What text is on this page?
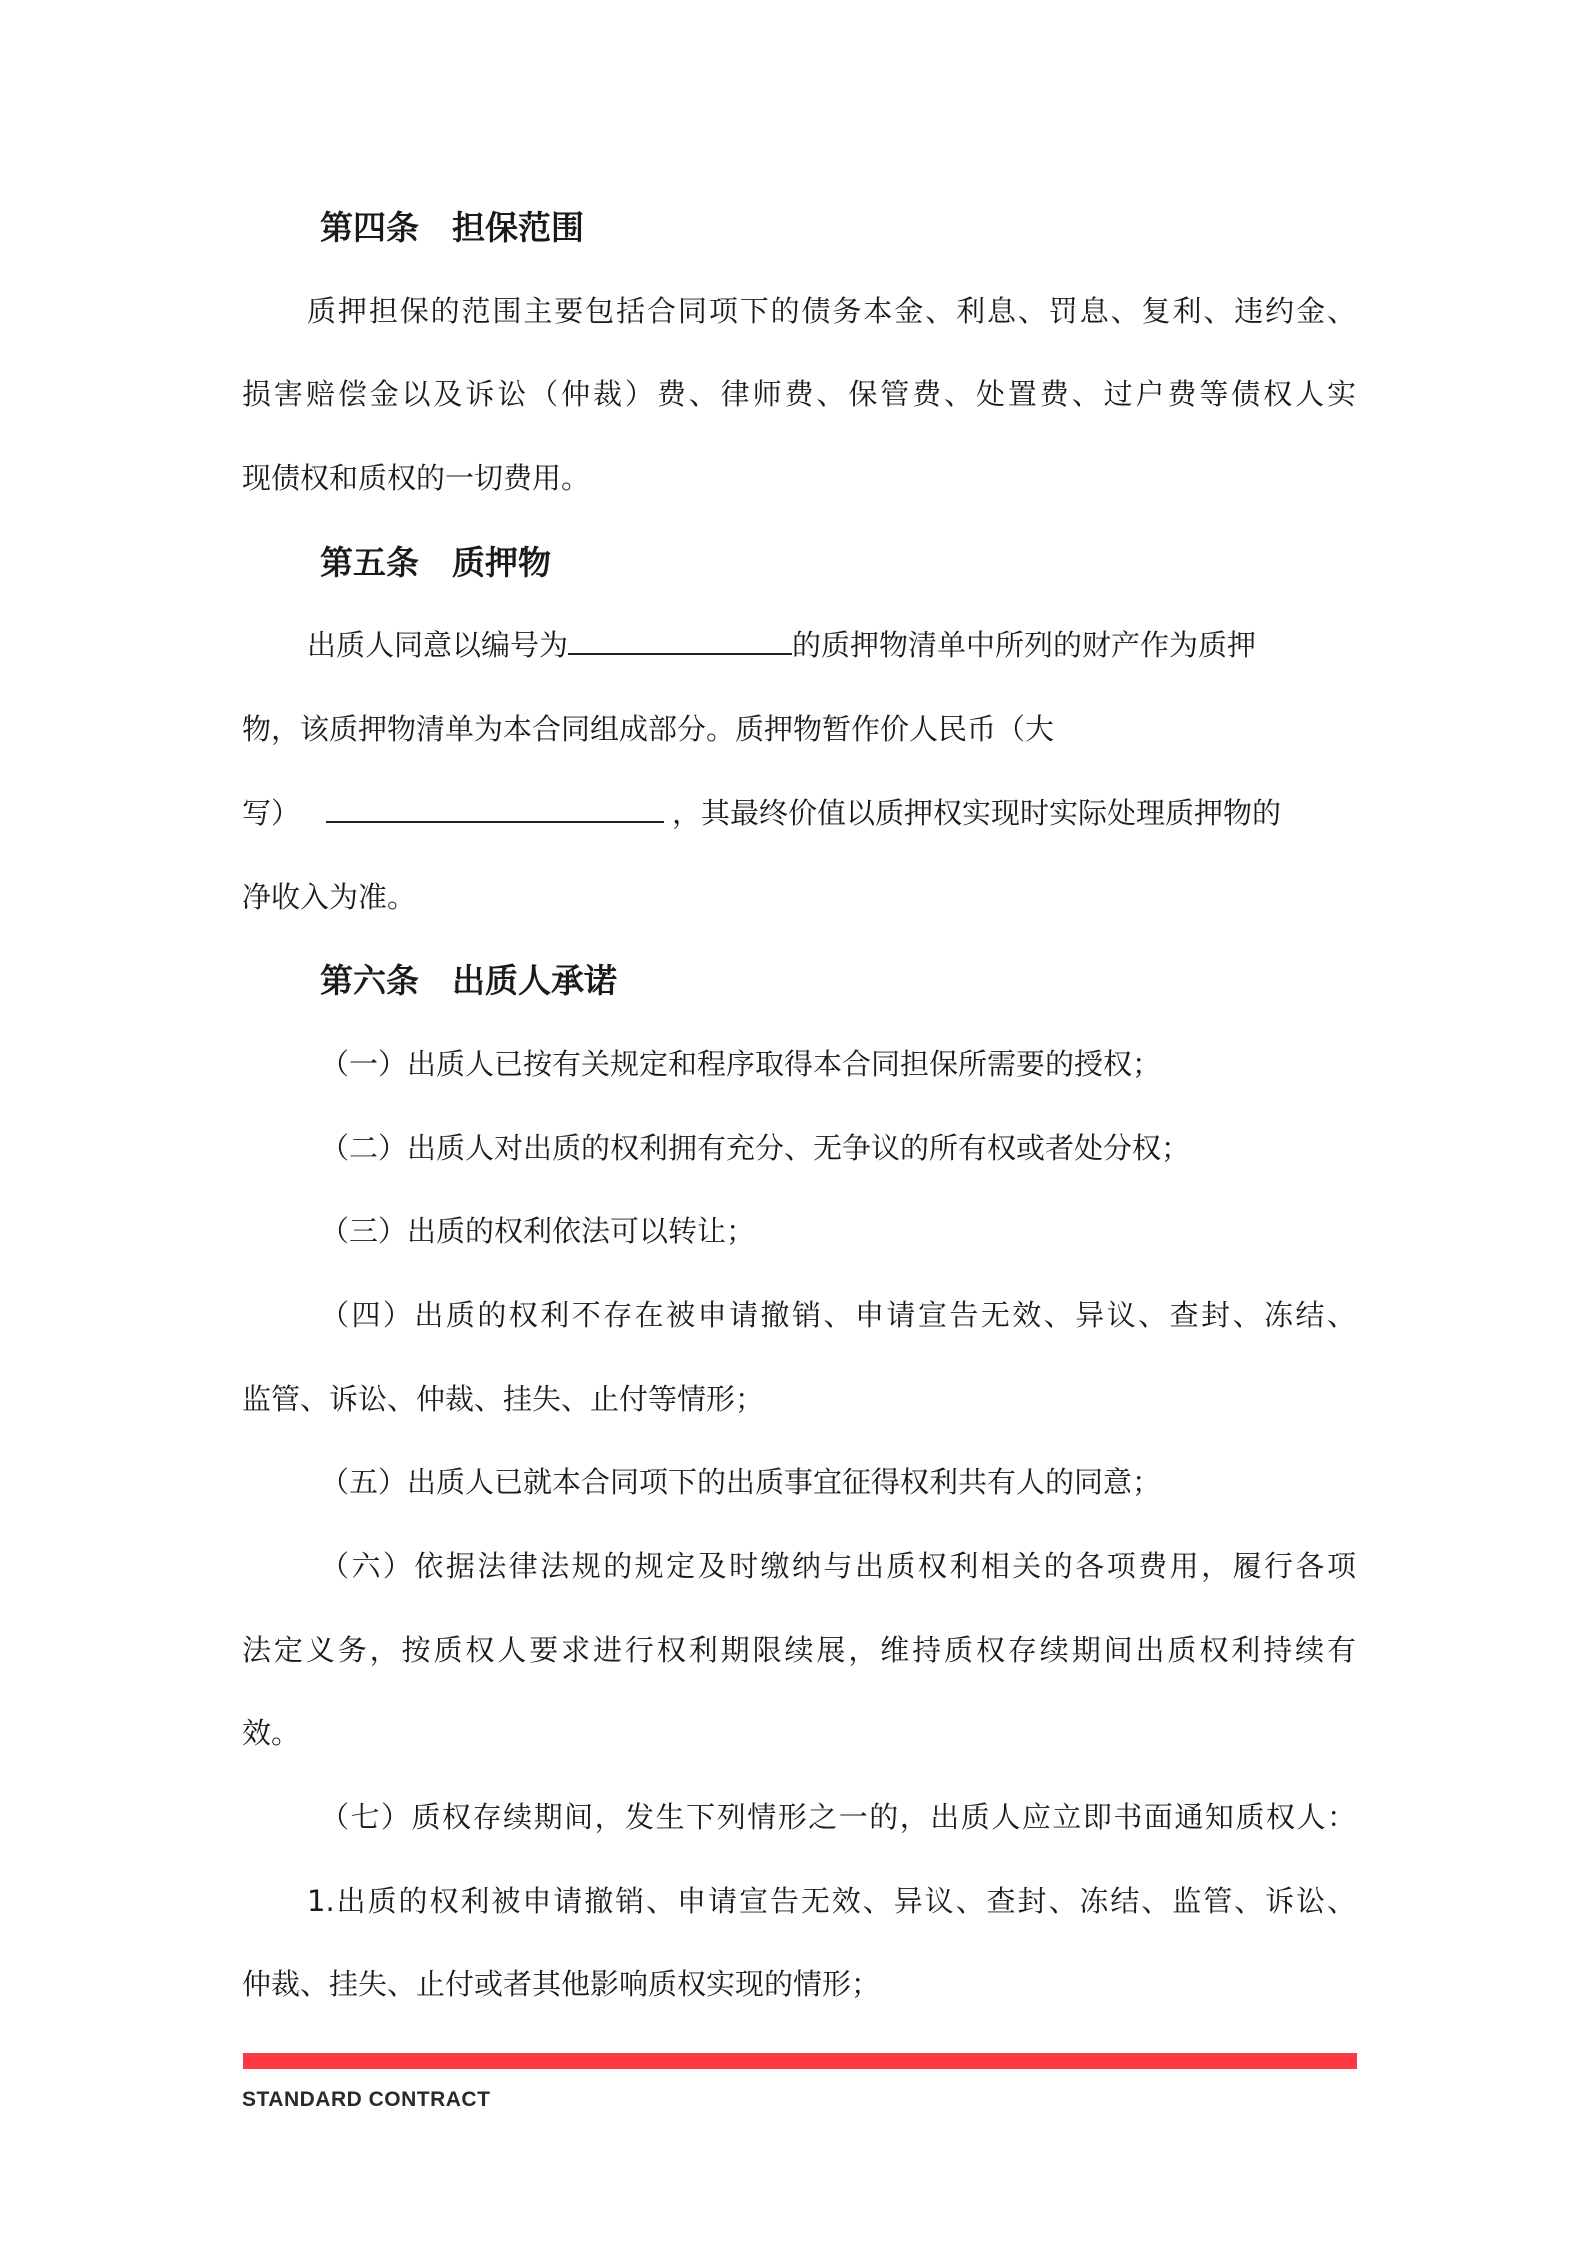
第四条　担保范围
质押担保的范围主要包括合同项下的债务本金、利息、罚息、复利、违约金、
损害赔偿金以及诉讼（仲裁）费、律师费、保管费、处置费、过户费等债权人实
现债权和质权的一切费用。
第五条　质押物
出质人同意以编号为	的质押物清单中所列的财产作为质押
物，该质押物清单为本合同组成部分。质押物暂作价人民币（大
写）	，其最终价值以质押权实现时实际处理质押物的
净收入为准。
第六条　出质人承诺
（一）出质人已按有关规定和程序取得本合同担保所需要的授权；
（二）出质人对出质的权利拥有充分、无争议的所有权或者处分权；
（三）出质的权利依法可以转让；
（四）出质的权利不存在被申请撤销、申请宣告无效、异议、查封、冻结、
监管、诉讼、仲裁、挂失、止付等情形；
（五）出质人已就本合同项下的出质事宜征得权利共有人的同意；
（六）依据法律法规的规定及时缴纳与出质权利相关的各项费用，履行各项
法定义务，按质权人要求进行权利期限续展，维持质权存续期间出质权利持续有
效。
（七）质权存续期间，发生下列情形之一的，出质人应立即书面通知质权人：
1.出质的权利被申请撤销、申请宣告无效、异议、查封、冻结、监管、诉讼、
仲裁、挂失、止付或者其他影响质权实现的情形；
STANDARD CONTRACT
